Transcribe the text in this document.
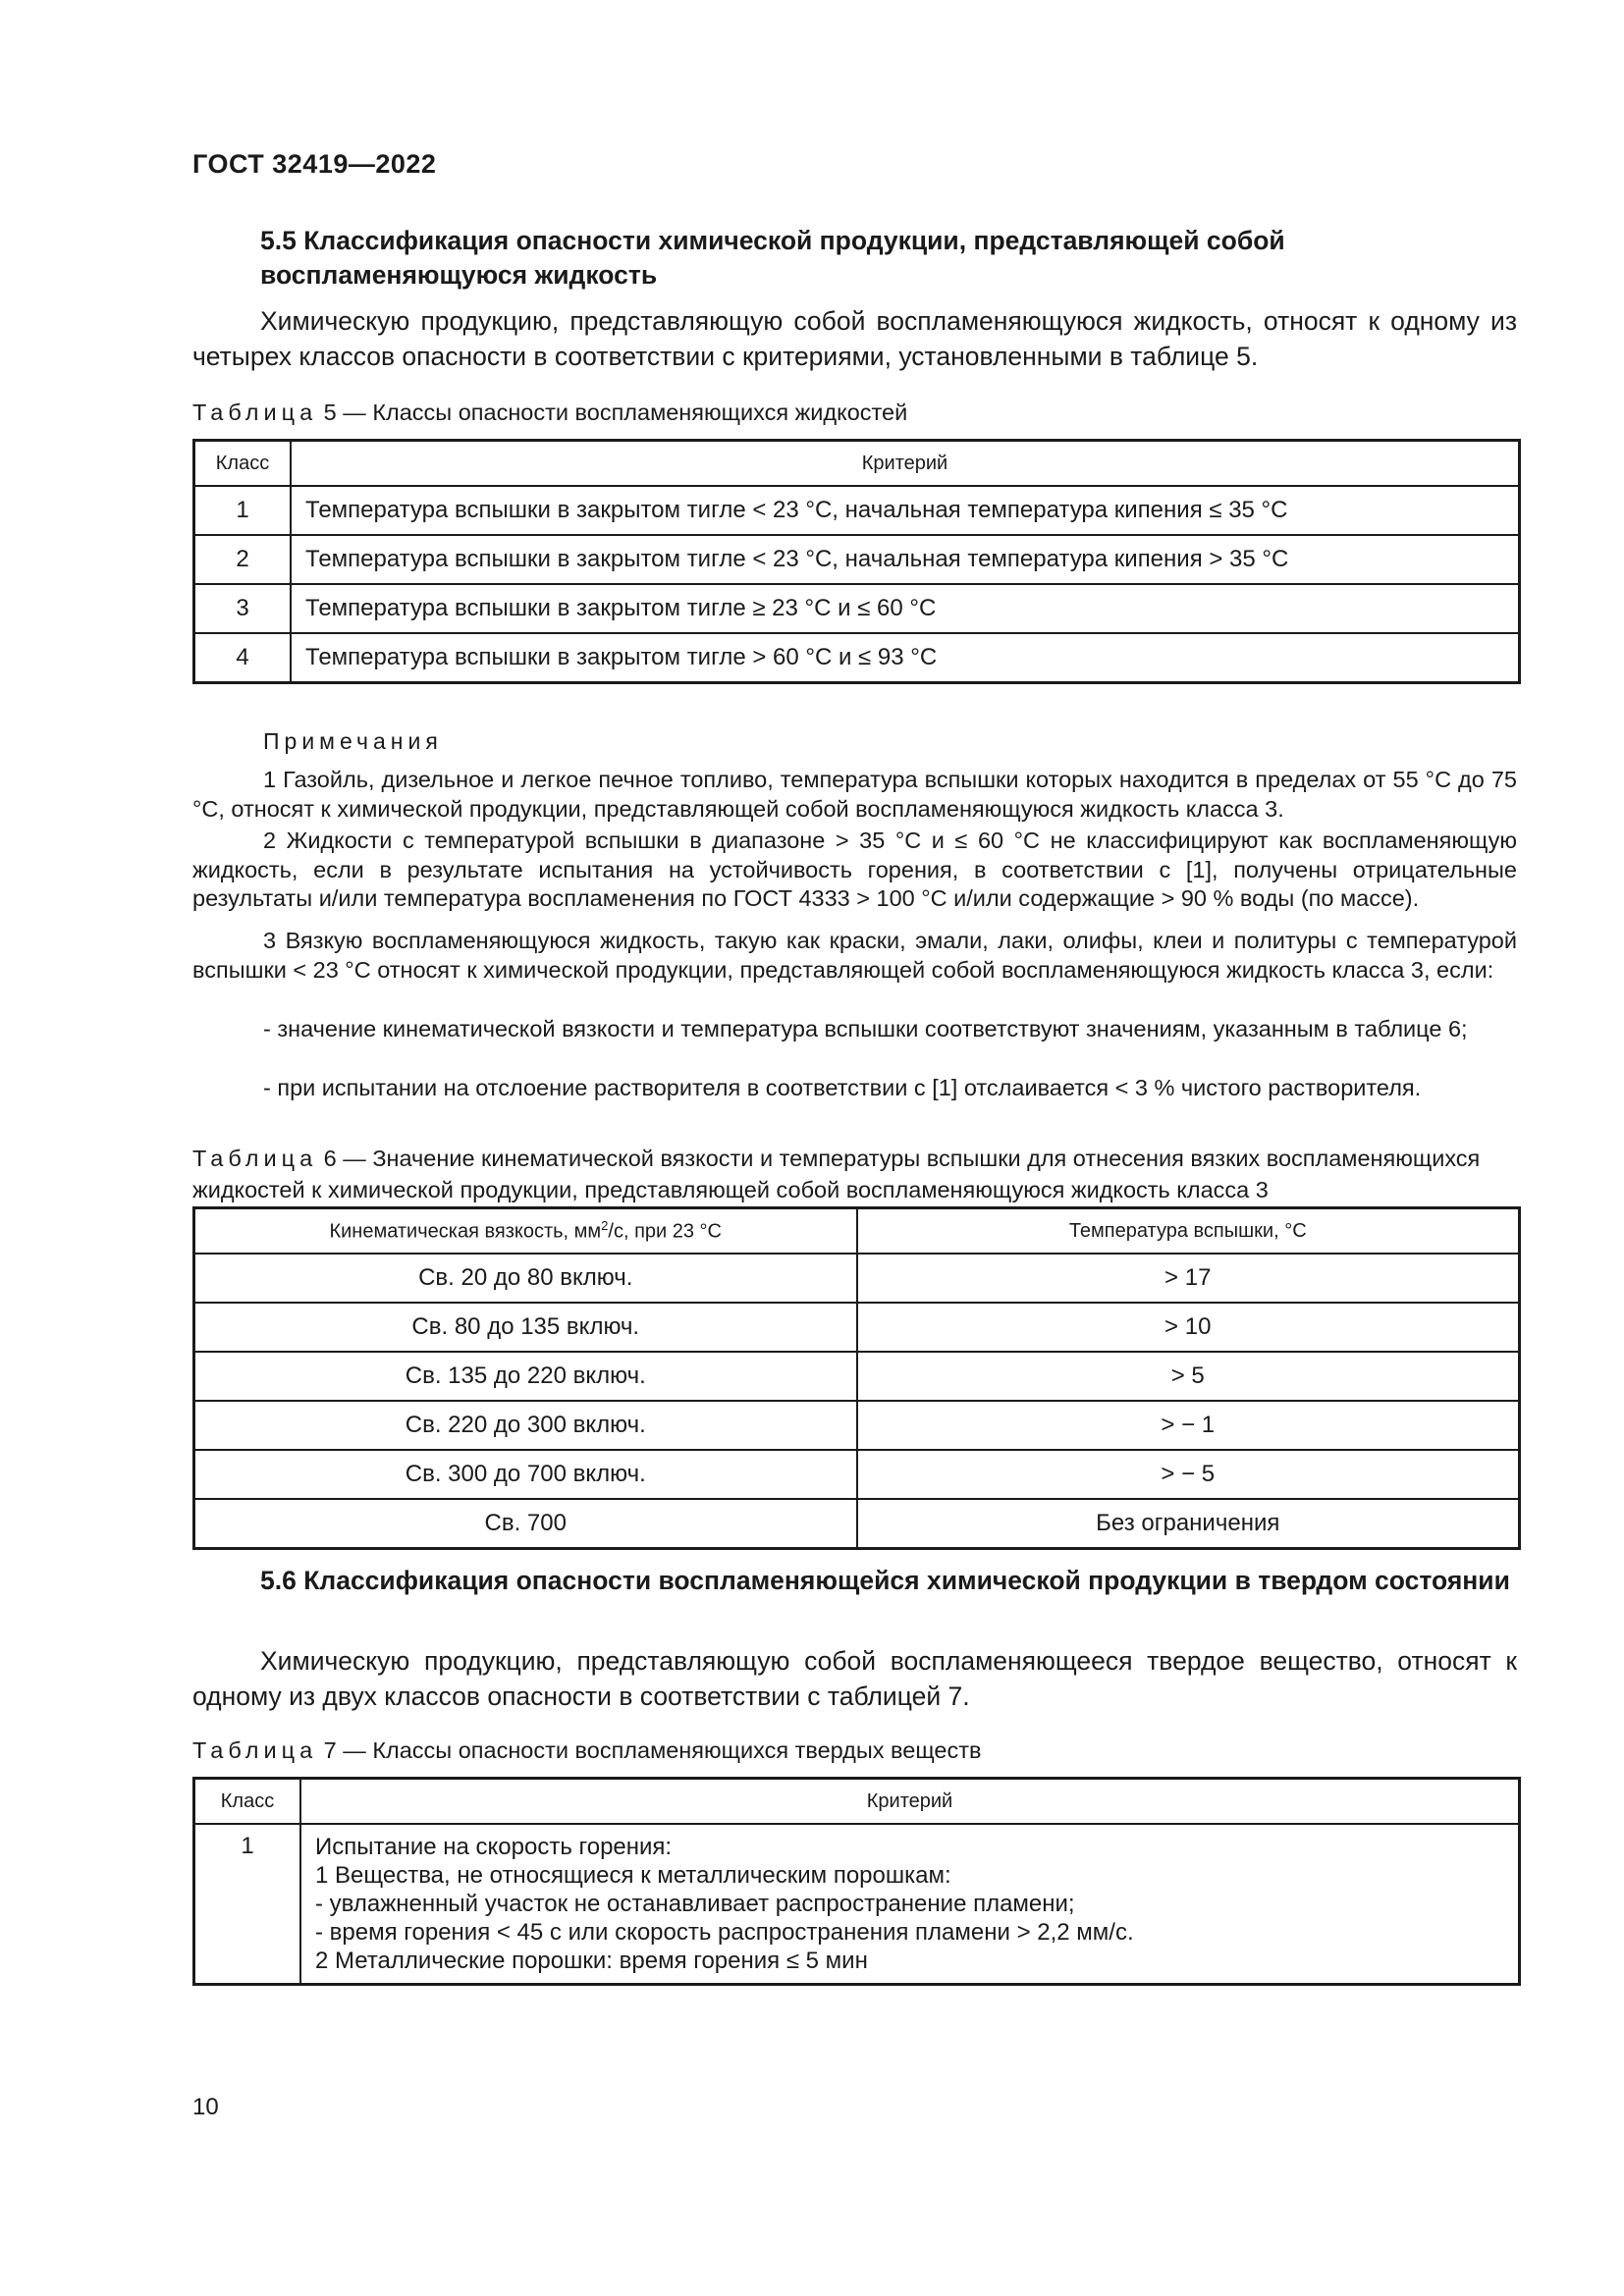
ГОСТ 32419—2022
5.5 Классификация опасности химической продукции, представляющей собой воспламеняющуюся жидкость
Химическую продукцию, представляющую собой воспламеняющуюся жидкость, относят к одному из четырех классов опасности в соответствии с критериями, установленными в таблице 5.
Таблица 5 — Классы опасности воспламеняющихся жидкостей
Класс	Критерий
1	Температура вспышки в закрытом тигле < 23 °С, начальная температура кипения ≤ 35 °С
2	Температура вспышки в закрытом тигле < 23 °С, начальная температура кипения > 35 °С
3	Температура вспышки в закрытом тигле ≥ 23 °С и ≤ 60 °С
4	Температура вспышки в закрытом тигле > 60 °С и ≤ 93 °С
Примечания
1 Газойль, дизельное и легкое печное топливо, температура вспышки которых находится в пределах от 55 °С до 75 °С, относят к химической продукции, представляющей собой воспламеняющуюся жидкость класса 3.
2 Жидкости с температурой вспышки в диапазоне > 35 °С и ≤ 60 °С не классифицируют как воспламеняющую жидкость, если в результате испытания на устойчивость горения, в соответствии с [1], получены отрицательные результаты и/или температура воспламенения по ГОСТ 4333 > 100 °С и/или содержащие > 90 % воды (по массе).
3 Вязкую воспламеняющуюся жидкость, такую как краски, эмали, лаки, олифы, клеи и политуры с температурой вспышки < 23 °С относят к химической продукции, представляющей собой воспламеняющуюся жидкость класса 3, если:
- значение кинематической вязкости и температура вспышки соответствуют значениям, указанным в таблице 6;
- при испытании на отслоение растворителя в соответствии с [1] отслаивается < 3 % чистого растворителя.
Таблица 6 — Значение кинематической вязкости и температуры вспышки для отнесения вязких воспламеняющихся жидкостей к химической продукции, представляющей собой воспламеняющуюся жидкость класса 3
Кинематическая вязкость, $мм^2/с$, при 23 °С	Температура вспышки, °С
Св. 20 до 80 включ.	> 17
Св. 80 до 135 включ.	> 10
Св. 135 до 220 включ.	> 5
Св. 220 до 300 включ.	> − 1
Св. 300 до 700 включ.	> − 5
Св. 700	Без ограничения
5.6 Классификация опасности воспламеняющейся химической продукции в твердом состоянии
Химическую продукцию, представляющую собой воспламеняющееся твердое вещество, относят к одному из двух классов опасности в соответствии с таблицей 7.
Таблица 7 — Классы опасности воспламеняющихся твердых веществ
Класс	Критерий
1	Испытание на скорость горения:
1 Вещества, не относящиеся к металлическим порошкам:
- увлажненный участок не останавливает распространение пламени;
- время горения < 45 с или скорость распространения пламени > 2,2 мм/с.
2 Металлические порошки: время горения ≤ 5 мин
10
